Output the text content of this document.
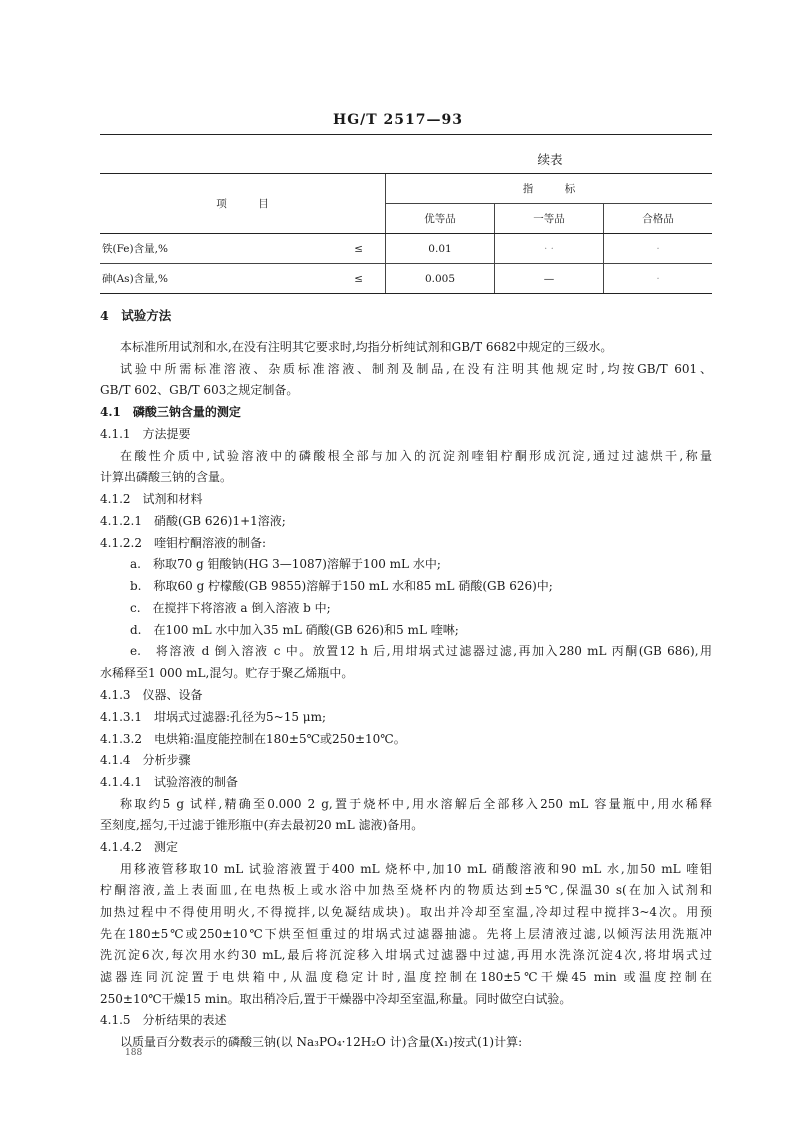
HG/T 2517—93
续表
项　　　目		指　　　标		
		优等品	一等品	合格品
铁(Fe)含量,%	≤	0.01	· ·	·
砷(As)含量,%	≤	0.005	—	·
4　试验方法
本标准所用试剂和水,在没有注明其它要求时,均指分析纯试剂和GB/T 6682中规定的三级水。
试验中所需标准溶液、杂质标准溶液、制剂及制品,在没有注明其他规定时,均按GB/T 601、
GB/T 602、GB/T 603之规定制备。
4.1　磷酸三钠含量的测定
4.1.1　方法提要
在酸性介质中,试验溶液中的磷酸根全部与加入的沉淀剂喹钼柠酮形成沉淀,通过过滤烘干,称量
计算出磷酸三钠的含量。
4.1.2　试剂和材料
4.1.2.1　硝酸(GB 626)1+1溶液;
4.1.2.2　喹钼柠酮溶液的制备:
a.　称取70 g 钼酸钠(HG 3—1087)溶解于100 mL 水中;
b.　称取60 g 柠檬酸(GB 9855)溶解于150 mL 水和85 mL 硝酸(GB 626)中;
c.　在搅拌下将溶液 a 倒入溶液 b 中;
d.　在100 mL 水中加入35 mL 硝酸(GB 626)和5 mL 喹啉;
e.　将溶液 d 倒入溶液 c 中。放置12 h 后,用坩埚式过滤器过滤,再加入280 mL 丙酮(GB 686),用
水稀释至1 000 mL,混匀。贮存于聚乙烯瓶中。
4.1.3　仪器、设备
4.1.3.1　坩埚式过滤器:孔径为5~15 μm;
4.1.3.2　电烘箱:温度能控制在180±5℃或250±10℃。
4.1.4　分析步骤
4.1.4.1　试验溶液的制备
称取约5 g 试样,精确至0.000 2 g,置于烧杯中,用水溶解后全部移入250 mL 容量瓶中,用水稀释
至刻度,摇匀,干过滤于锥形瓶中(弃去最初20 mL 滤液)备用。
4.1.4.2　测定
用移液管移取10 mL 试验溶液置于400 mL 烧杯中,加10 mL 硝酸溶液和90 mL 水,加50 mL 喹钼
柠酮溶液,盖上表面皿,在电热板上或水浴中加热至烧杯内的物质达到±5℃,保温30 s(在加入试剂和
加热过程中不得使用明火,不得搅拌,以免凝结成块)。取出并冷却至室温,冷却过程中搅拌3~4次。用预
先在180±5℃或250±10℃下烘至恒重过的坩埚式过滤器抽滤。先将上层清液过滤,以倾泻法用洗瓶冲
洗沉淀6次,每次用水约30 mL,最后将沉淀移入坩埚式过滤器中过滤,再用水洗涤沉淀4次,将坩埚式过
滤器连同沉淀置于电烘箱中,从温度稳定计时,温度控制在180±5℃干燥45 min 或温度控制在
250±10℃干燥15 min。取出稍冷后,置于干燥器中冷却至室温,称量。同时做空白试验。
4.1.5　分析结果的表述
以质量百分数表示的磷酸三钠(以 Na₃PO₄·12H₂O 计)含量(X₁)按式(1)计算:
188
